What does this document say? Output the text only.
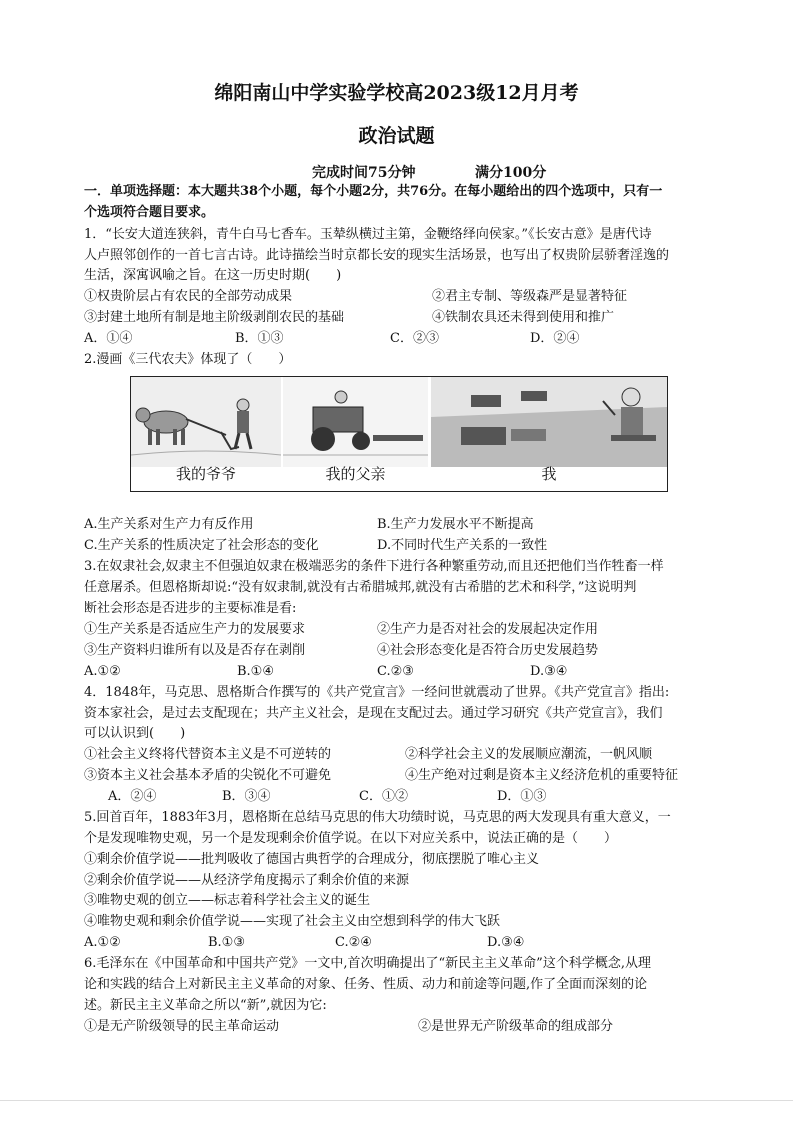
绵阳南山中学实验学校高2023级12月月考
政治试题
完成时间75分钟	满分100分
一．单项选择题：本大题共38个小题，每个小题2分，共76分。在每小题给出的四个选项中，只有一
个选项符合题目要求。
1．“长安大道连狭斜，青牛白马七香车。玉辇纵横过主第，金鞭络绎向侯家。”《长安古意》是唐代诗
人卢照邻创作的一首七言古诗。此诗描绘当时京都长安的现实生活场景，也写出了权贵阶层骄奢淫逸的
生活，深寓讽喻之旨。在这一历史时期(　　)
①权贵阶层占有农民的全部劳动成果	②君主专制、等级森严是显著特征
③封建土地所有制是地主阶级剥削农民的基础	④铁制农具还未得到使用和推广
A．①④	B．①③	C．②③	D．②④
2.漫画《三代农夫》体现了（　　）
我的爷爷	我的父亲	我
A.生产关系对生产力有反作用	B.生产力发展水平不断提高
C.生产关系的性质决定了社会形态的变化	D.不同时代生产关系的一致性
3.在奴隶社会,奴隶主不但强迫奴隶在极端恶劣的条件下进行各种繁重劳动,而且还把他们当作牲畜一样
任意屠杀。但恩格斯却说:“没有奴隶制,就没有古希腊城邦,就没有古希腊的艺术和科学，”这说明判
断社会形态是否进步的主要标准是看:
①生产关系是否适应生产力的发展要求	②生产力是否对社会的发展起决定作用
③生产资料归谁所有以及是否存在剥削	④社会形态变化是否符合历史发展趋势
A.①②	B.①④	C.②③	D.③④
4．1848年，马克思、恩格斯合作撰写的《共产党宣言》一经问世就震动了世界。《共产党宣言》指出:
资本家社会，是过去支配现在；共产主义社会，是现在支配过去。通过学习研究《共产党宣言》，我们
可以认识到(　　)
①社会主义终将代替资本主义是不可逆转的	②科学社会主义的发展顺应潮流，一帆风顺
③资本主义社会基本矛盾的尖锐化不可避免	④生产绝对过剩是资本主义经济危机的重要特征
A．②④	B．③④	C．①②	D．①③
5.回首百年，1883年3月，恩格斯在总结马克思的伟大功绩时说，马克思的两大发现具有重大意义，一
个是发现唯物史观，另一个是发现剩余价值学说。在以下对应关系中，说法正确的是（　　）
①剩余价值学说——批判吸收了德国古典哲学的合理成分，彻底摆脱了唯心主义
②剩余价值学说——从经济学角度揭示了剩余价值的来源
③唯物史观的创立——标志着科学社会主义的诞生
④唯物史观和剩余价值学说——实现了社会主义由空想到科学的伟大飞跃
A.①②	B.①③	C.②④	D.③④
6.毛泽东在《中国革命和中国共产党》一文中,首次明确提出了“新民主主义革命”这个科学概念,从理
论和实践的结合上对新民主主义革命的对象、任务、性质、动力和前途等问题,作了全面而深刻的论
述。新民主主义革命之所以“新”,就因为它:
①是无产阶级领导的民主革命运动	②是世界无产阶级革命的组成部分
